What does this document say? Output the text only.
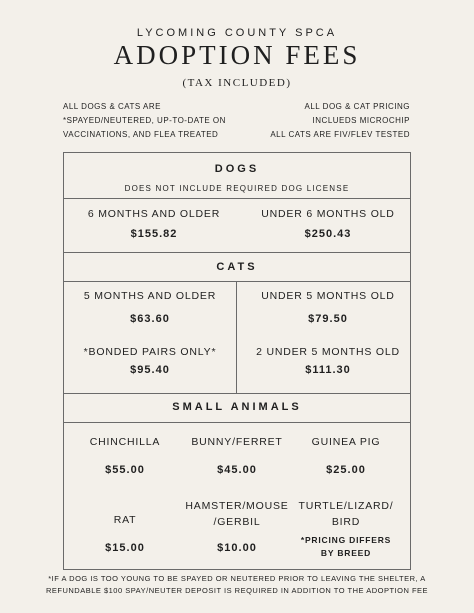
LYCOMING COUNTY SPCA
ADOPTION FEES
(TAX INCLUDED)
ALL DOGS & CATS ARE
*SPAYED/NEUTERED, UP-TO-DATE ON
VACCINATIONS, AND FLEA TREATED
ALL DOG & CAT PRICING
INCLUEDS MICROCHIP
ALL CATS ARE FIV/FLEV TESTED
DOGS
DOES NOT INCLUDE REQUIRED DOG LICENSE
6 MONTHS AND OLDER
$155.82
UNDER 6 MONTHS OLD
$250.43
CATS
5 MONTHS AND OLDER
$63.60
UNDER 5 MONTHS OLD
$79.50
*BONDED PAIRS ONLY*
$95.40
2 UNDER 5 MONTHS OLD
$111.30
SMALL ANIMALS
CHINCHILLA
$55.00
BUNNY/FERRET
$45.00
GUINEA PIG
$25.00
RAT
$15.00
HAMSTER/MOUSE
/GERBIL
$10.00
TURTLE/LIZARD/
BIRD
*PRICING DIFFERS
BY BREED
*IF A DOG IS TOO YOUNG TO BE SPAYED OR NEUTERED PRIOR TO LEAVING THE SHELTER, A
REFUNDABLE $100 SPAY/NEUTER DEPOSIT IS REQUIRED IN ADDITION TO THE ADOPTION FEE
